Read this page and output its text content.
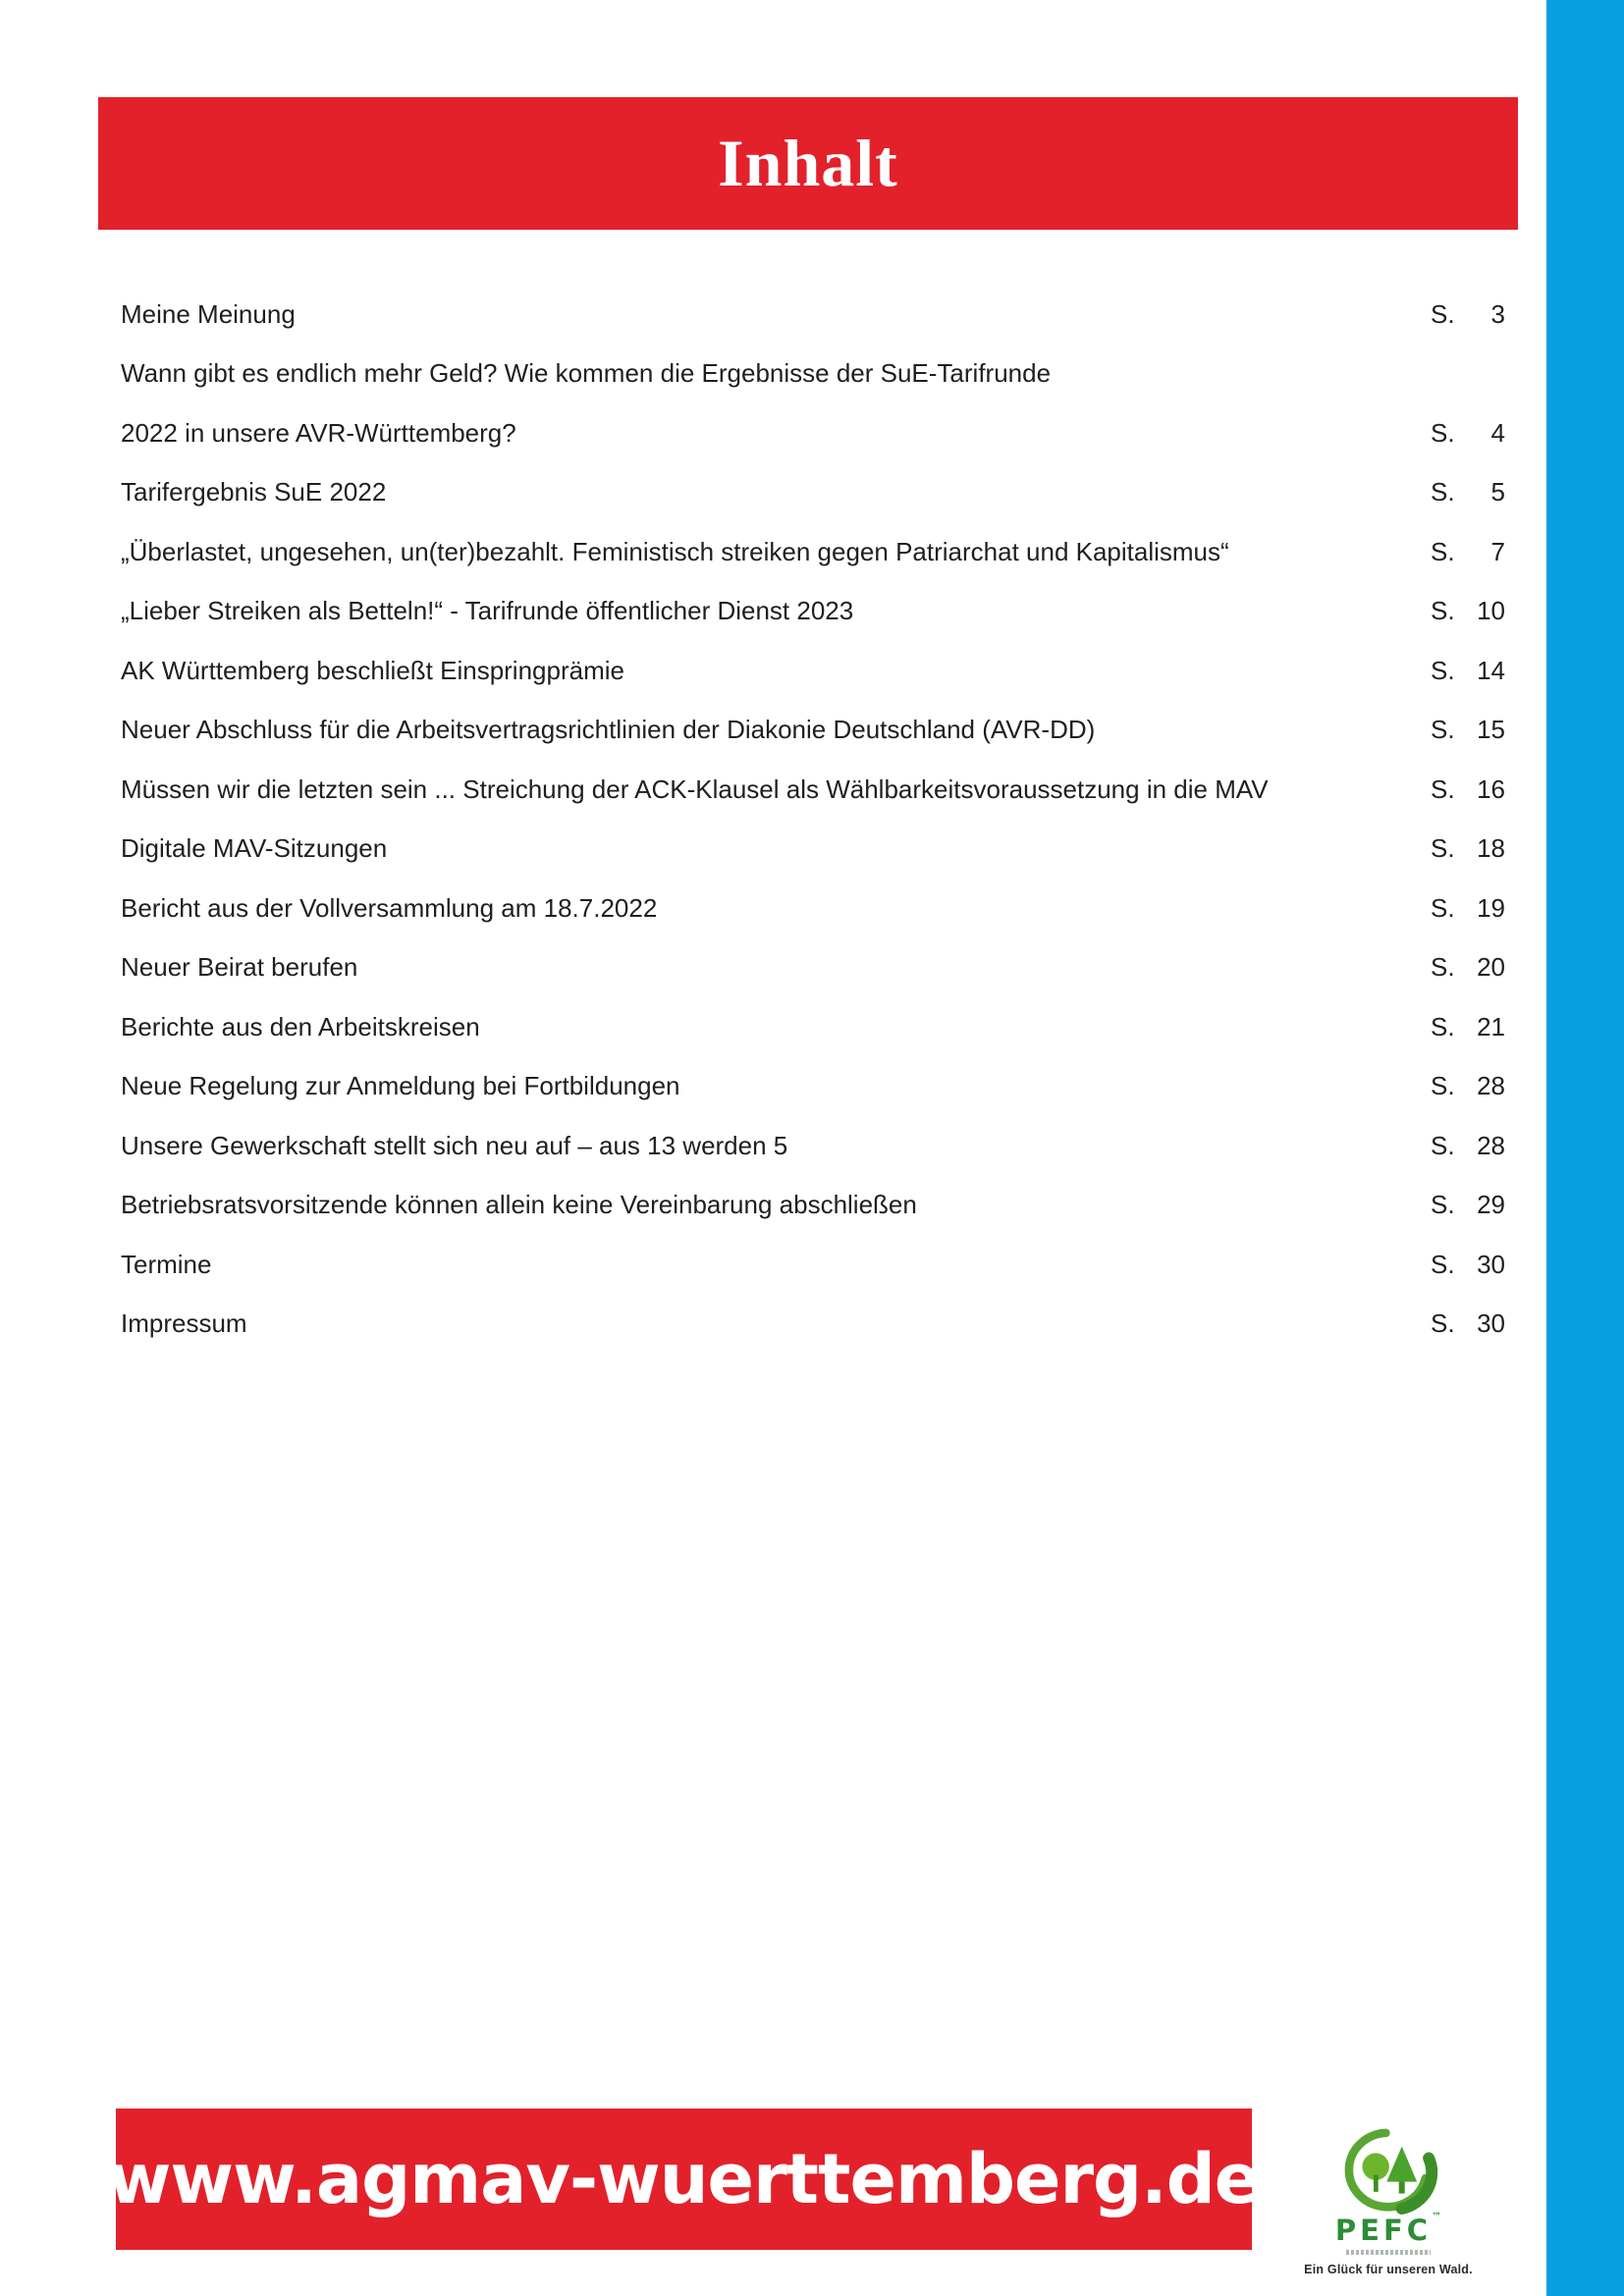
Inhalt
Meine Meinung	S.	3
Wann gibt es endlich mehr Geld? Wie kommen die Ergebnisse der SuE-Tarifrunde
2022 in unsere AVR-Württemberg?	S.	4
Tarifergebnis SuE 2022	S.	5
„Überlastet, ungesehen, un(ter)bezahlt. Feministisch streiken gegen Patriarchat und Kapitalismus“	S.	7
„Lieber Streiken als Betteln!“ - Tarifrunde öffentlicher Dienst 2023	S. 10
AK Württemberg beschließt Einspringprämie	S. 14
Neuer Abschluss für die Arbeitsvertragsrichtlinien der Diakonie Deutschland (AVR-DD)	S. 15
Müssen wir die letzten sein ... Streichung der ACK-Klausel als Wählbarkeitsvoraussetzung in die MAV	S. 16
Digitale MAV-Sitzungen	S. 18
Bericht aus der Vollversammlung am 18.7.2022	S. 19
Neuer Beirat berufen	S. 20
Berichte aus den Arbeitskreisen	S. 21
Neue Regelung zur Anmeldung bei Fortbildungen	S. 28
Unsere Gewerkschaft stellt sich neu auf – aus 13 werden 5	S. 28
Betriebsratsvorsitzende können allein keine Vereinbarung abschließen	S. 29
Termine	S. 30
Impressum	S. 30
www.agmav-wuerttemberg.de
PEFC™
Ein Glück für unseren Wald.
